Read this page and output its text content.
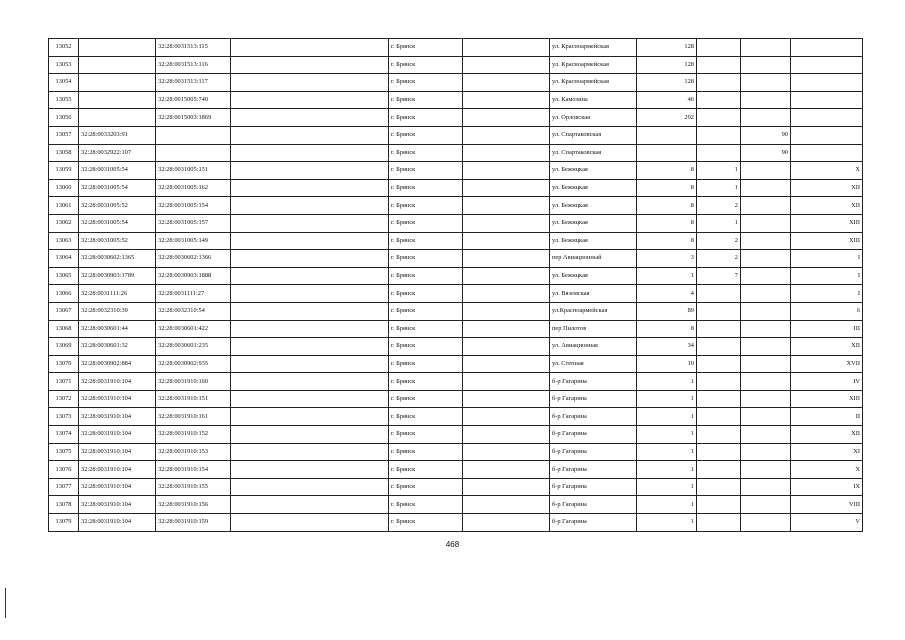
13052		32:28:0031513:115		г. Брянск		ул. Красноармейская	128			
13053		32:28:0031513:116		г. Брянск		ул. Красноармейская	128			
13054		32:28:0031513:117		г. Брянск		ул. Красноармейская	128			
13055		32:28:0015005:740		г. Брянск		ул. Камозина	46			
13056		32:28:0015003:1869		г. Брянск		ул. Орловская	292			
13057	32:28:0033203:91			г. Брянск		ул. Спартаковская			90	
13058	32:28:0032922:107			г. Брянск		ул. Спартаковская			90	
13059	32:28:0031005:54	32:28:0031005:151		г. Брянск		ул. Бежицкая	8	1		X
13060	32:28:0031005:54	32:28:0031005:162		г. Брянск		ул. Бежицкая	8	1		XII
13061	32:28:0031005:52	32:28:0031005:154		г. Брянск		ул. Бежицкая	8	2		XII
13062	32:28:0031005:54	32:28:0031005:157		г. Брянск		ул. Бежицкая	8	1		XIII
13063	32:28:0031005:52	32:28:0031005:149		г. Брянск		ул. Бежицкая	8	2		XIII
13064	32:28:0030602:1365	32:28:0030602:1366		г. Брянск		пер Авиационный	3	2		I
13065	32:28:0030903:1789	32:28:0030903:1888		г. Брянск		ул. Бежицкая	1	7		I
13066	32:28:0031111:26	32:28:0031111:27		г. Брянск		ул. Вяземская	4			I
13067	32:28:0032310:39	32:28:0032310:54		г. Брянск		ул.Красноармейская	89			6
13068	32:28:0030601:44	32:28:0030601:422		г. Брянск		пер Пилотов	8			III
13069	32:28:0030601:32	32:28:0030601:235		г. Брянск		ул. Авиационная	34			XII
13070	32:28:0030902:884	32:28:0030902:935		г. Брянск		ул. Степная	10			XVII
13071	32:28:0031910:104	32:28:0031910:160		г. Брянск		б-р Гагарина	1			IV
13072	32:28:0031910:104	32:28:0031910:151		г. Брянск		б-р Гагарина	1			XIII
13073	32:28:0031910:104	32:28:0031910:161		г. Брянск		б-р Гагарина	1			II
13074	32:28:0031910:104	32:28:0031910:152		г. Брянск		б-р Гагарина	1			XII
13075	32:28:0031910:104	32:28:0031910:153		г. Брянск		б-р Гагарина	1			XI
13076	32:28:0031910:104	32:28:0031910:154		г. Брянск		б-р Гагарина	1			X
13077	32:28:0031910:104	32:28:0031910:155		г. Брянск		б-р Гагарина	1			IX
13078	32:28:0031910:104	32:28:0031910:156		г. Брянск		б-р Гагарина	1			VIII
13079	32:28:0031910:104	32:28:0031910:159		г. Брянск		б-р Гагарина	1			V
468
